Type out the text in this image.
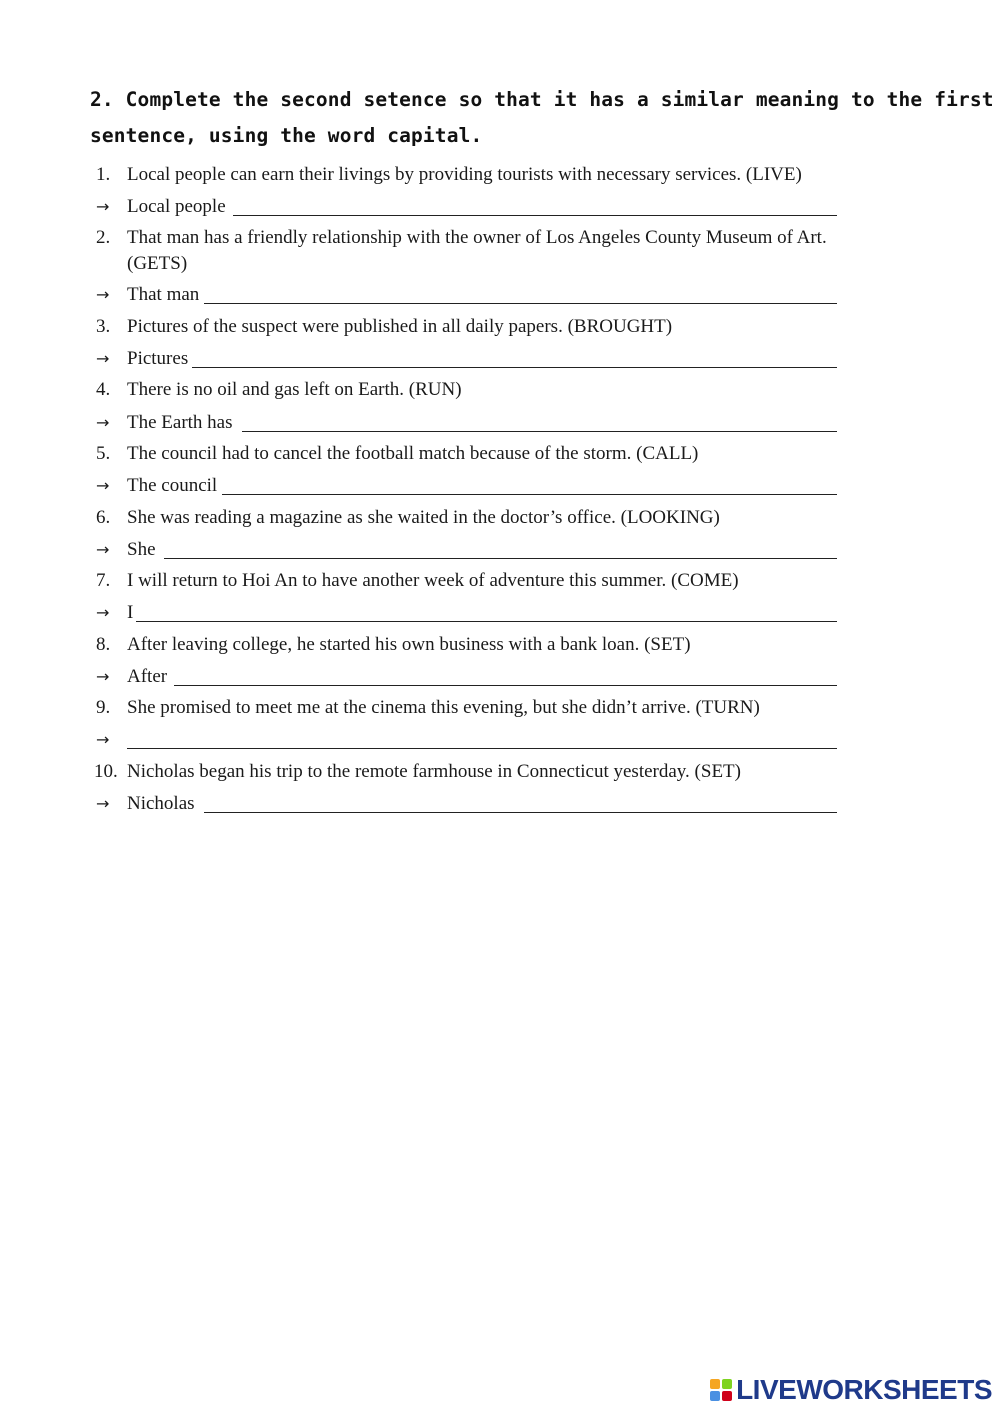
2. Complete the second setence so that it has a similar meaning to the first
sentence, using the word capital.
1. Local people can earn their livings by providing tourists with necessary services. (LIVE)
→ Local people
2. That man has a friendly relationship with the owner of Los Angeles County Museum of Art. (GETS)
→ That man
3. Pictures of the suspect were published in all daily papers. (BROUGHT)
→ Pictures
4. There is no oil and gas left on Earth. (RUN)
→ The Earth has
5. The council had to cancel the football match because of the storm. (CALL)
→ The council
6. She was reading a magazine as she waited in the doctor’s office. (LOOKING)
→ She
7. I will return to Hoi An to have another week of adventure this summer. (COME)
→ I
8. After leaving college, he started his own business with a bank loan. (SET)
→ After
9. She promised to meet me at the cinema this evening, but she didn’t arrive. (TURN)
→
10. Nicholas began his trip to the remote farmhouse in Connecticut yesterday. (SET)
→ Nicholas
LIVEWORKSHEETS
